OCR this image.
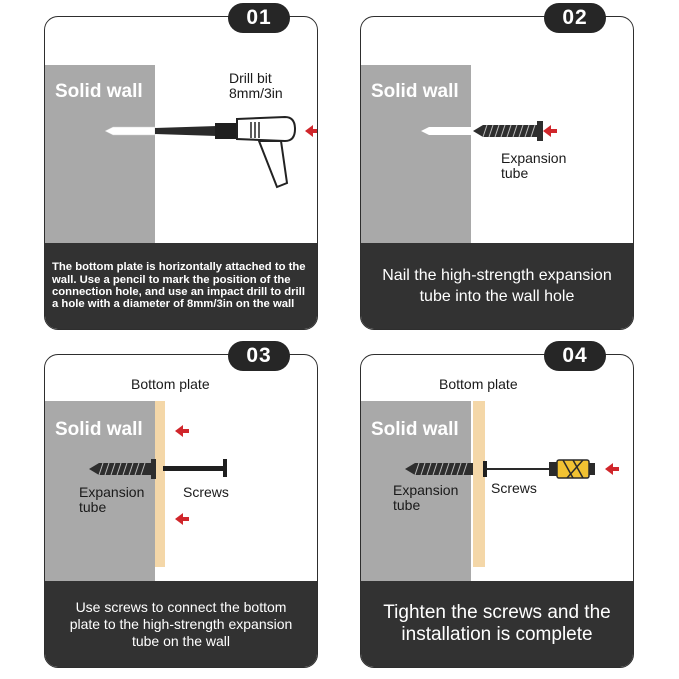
Solid wall
Drill bit
8mm/3in
The bottom plate is horizontally attached to the wall. Use a pencil to mark the position of the connection hole, and use an impact drill to drill a hole with a diameter of 8mm/3in on the wall
01
Solid wall
Expansion
tube
Nail the high-strength expansion tube into the wall hole
02
Bottom plate
Solid wall
Expansion
tube
Screws
Use screws to connect the bottom plate to the high-strength expansion tube on the wall
03
Bottom plate
Solid wall
Expansion
tube
Screws
Tighten the screws and the installation is complete
04
